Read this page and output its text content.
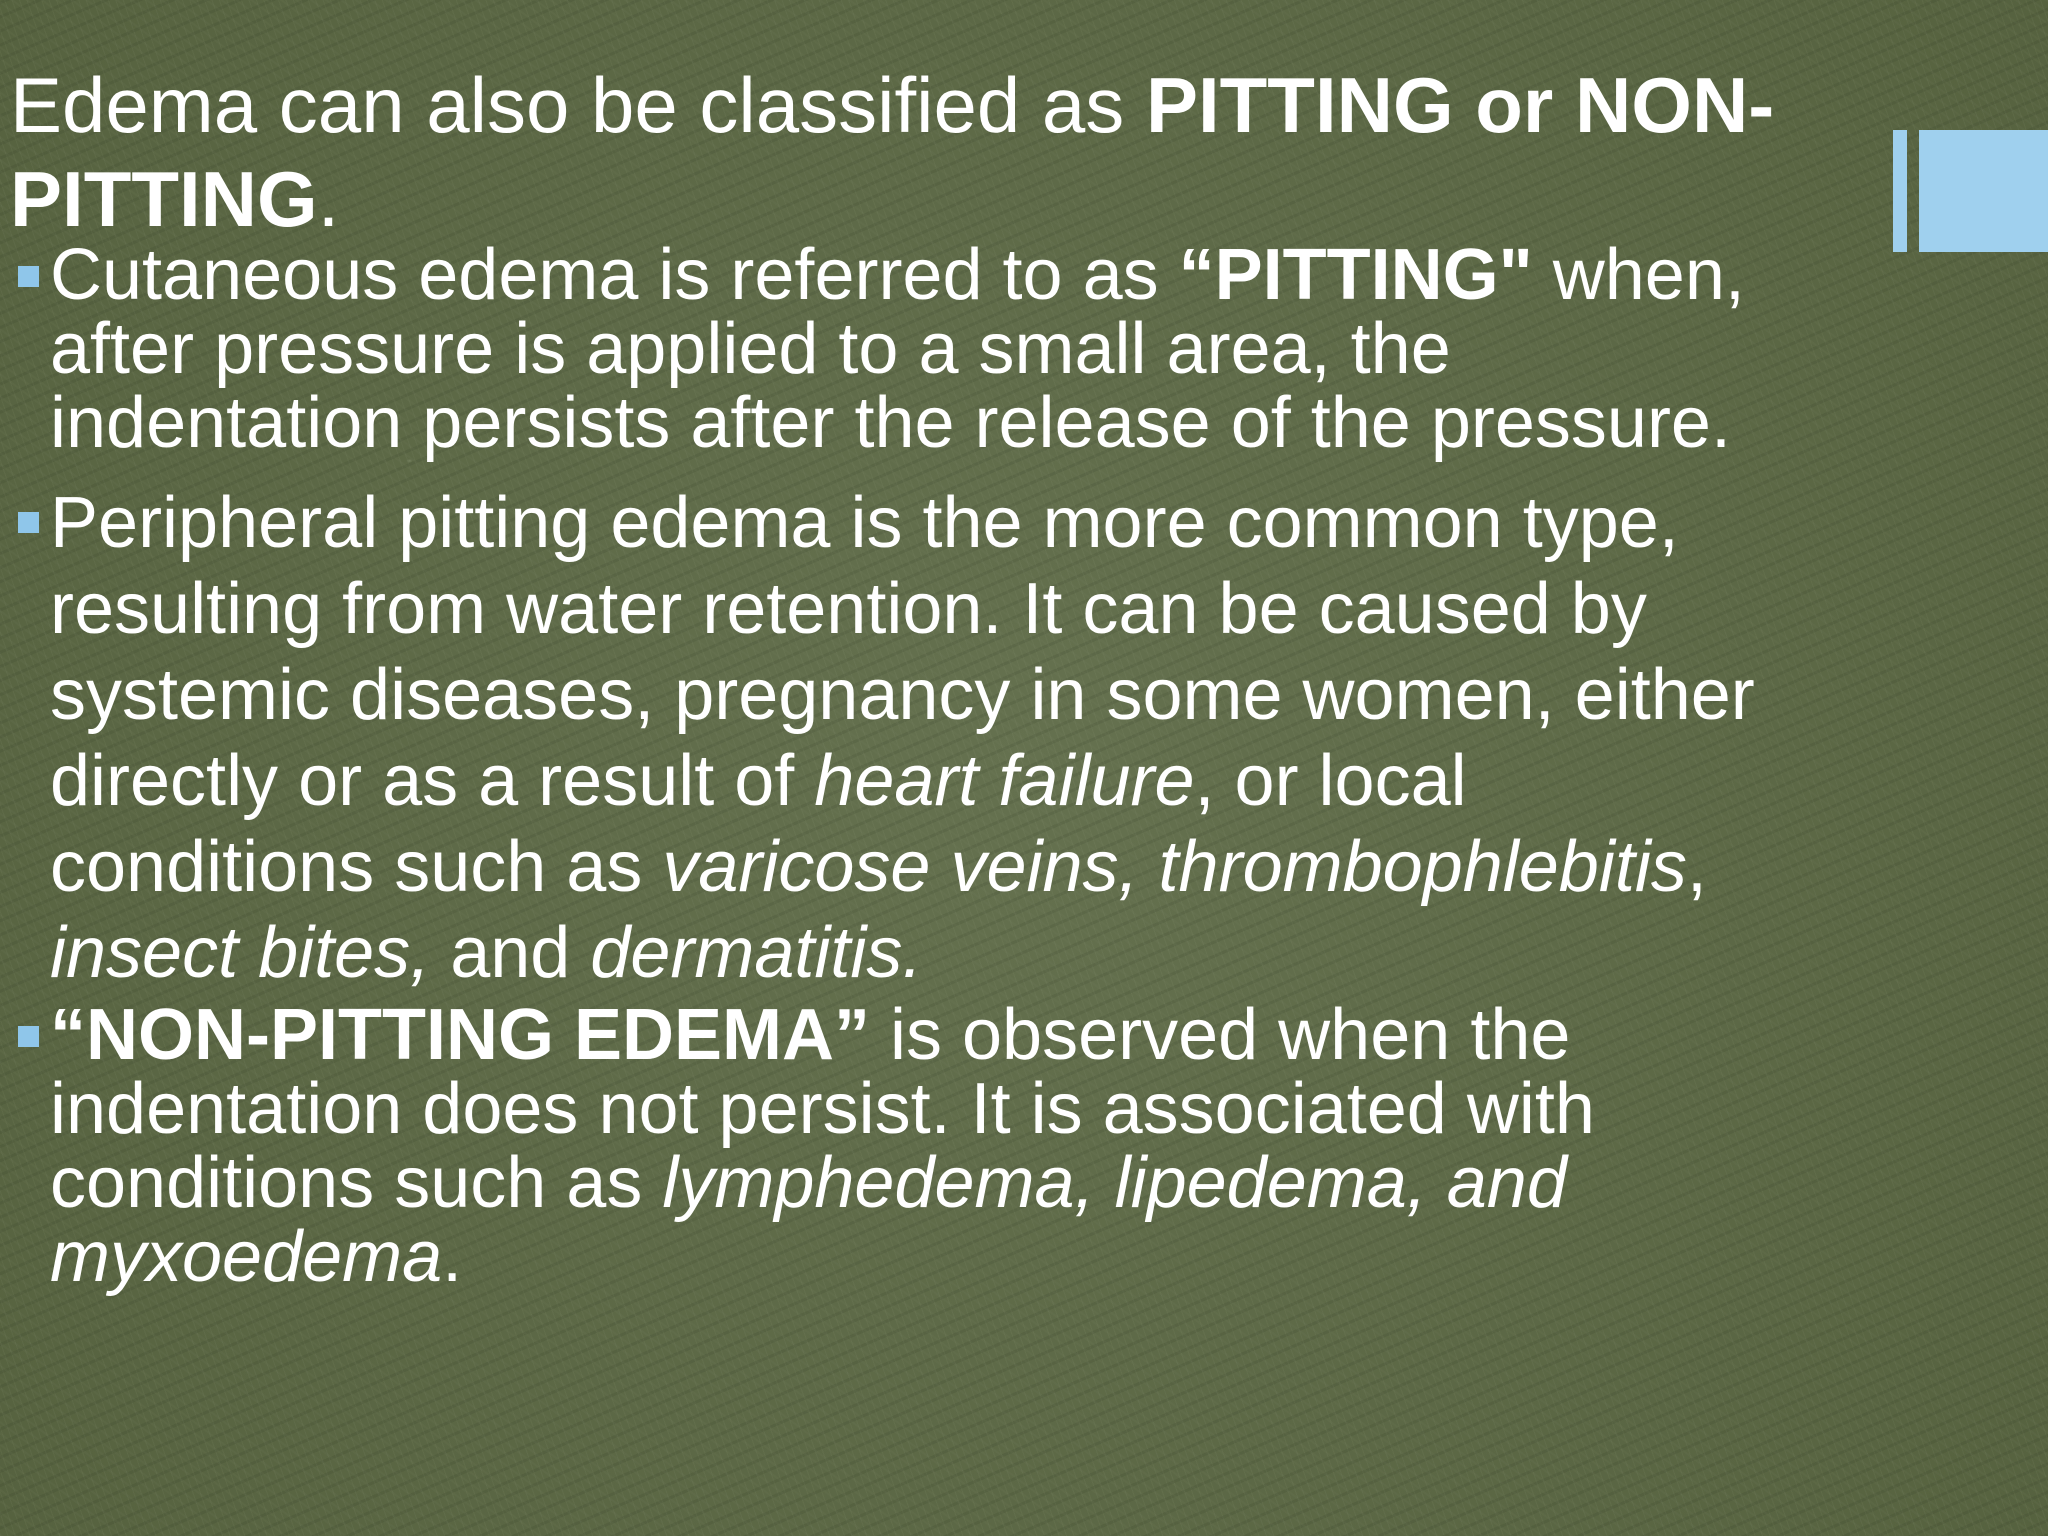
Edema can also be classified as PITTING or NON-
PITTING.
Cutaneous edema is referred to as “PITTING" when,
after pressure is applied to a small area, the
indentation persists after the release of the pressure.
Peripheral pitting edema is the more common type,
resulting from water retention. It can be caused by
systemic diseases, pregnancy in some women, either
directly or as a result of heart failure, or local
conditions such as varicose veins, thrombophlebitis,
insect bites, and dermatitis.
“NON-PITTING EDEMA” is observed when the
indentation does not persist. It is associated with
conditions such as lymphedema, lipedema, and
myxoedema.
